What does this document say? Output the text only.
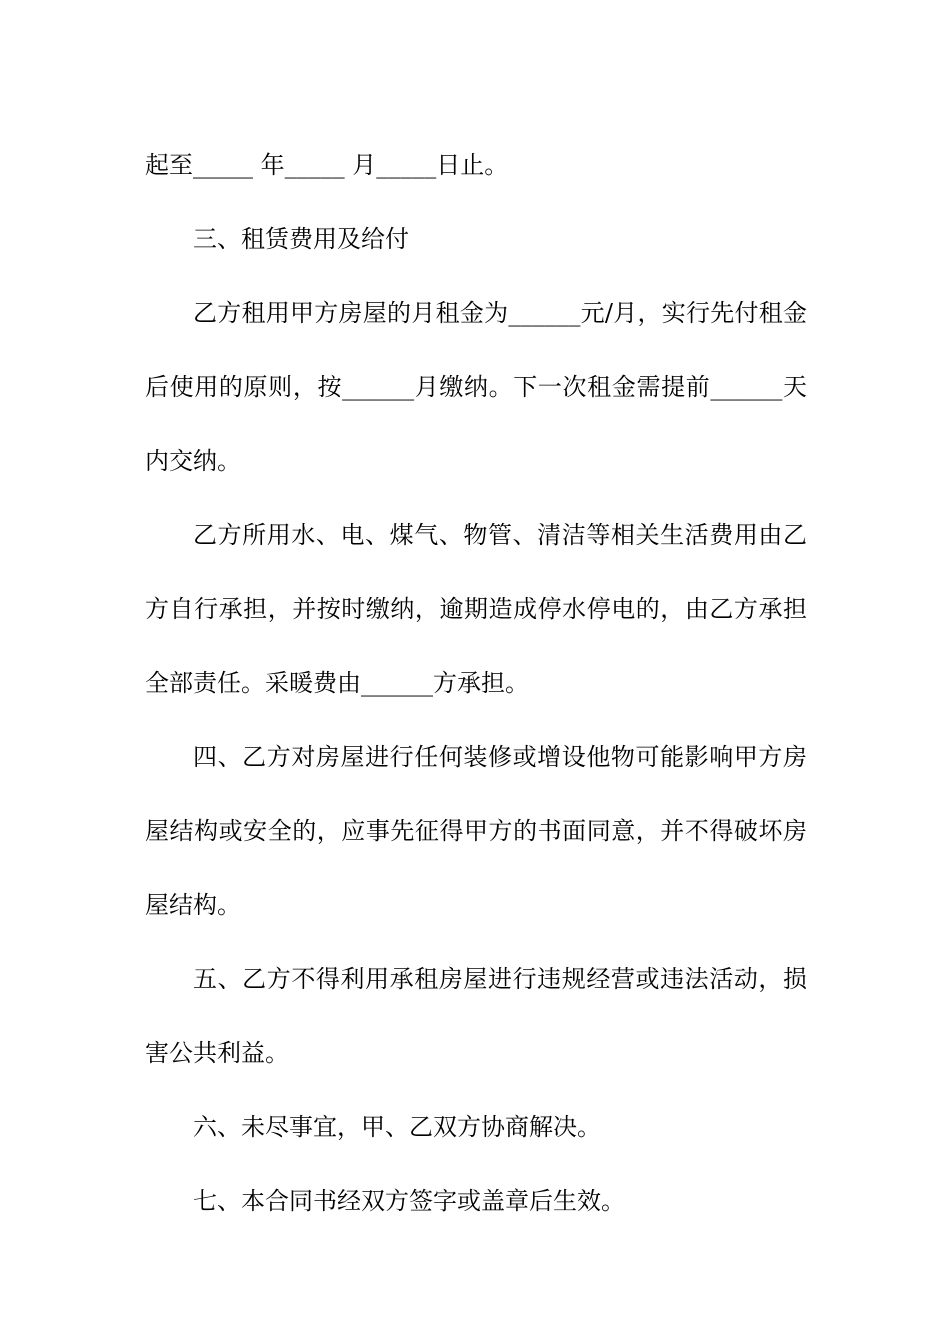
起至_____ 年_____ 月_____日止。

三、租赁费用及给付

乙方租用甲方房屋的月租金为______元/月，实行先付租金后使用的原则，按______月缴纳。下一次租金需提前______天内交纳。

乙方所用水、电、煤气、物管、清洁等相关生活费用由乙方自行承担，并按时缴纳，逾期造成停水停电的，由乙方承担全部责任。采暖费由______方承担。

四、乙方对房屋进行任何装修或增设他物可能影响甲方房屋结构或安全的，应事先征得甲方的书面同意，并不得破坏房屋结构。

五、乙方不得利用承租房屋进行违规经营或违法活动，损害公共利益。

六、未尽事宜，甲、乙双方协商解决。

七、本合同书经双方签字或盖章后生效。
